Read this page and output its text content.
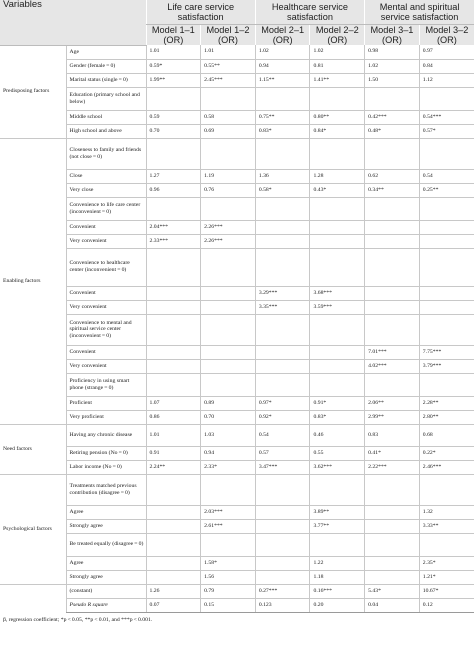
Variables		Life care service satisfaction		Healthcare service satisfaction		Mental and spiritual service satisfaction	
		Model 1–1 (OR)	Model 1–2 (OR)	Model 2–1 (OR)	Model 2–2 (OR)	Model 3–1 (OR)	Model 3–2 (OR)
Predisposing factors	Age	1.01	1.01	1.02	1.02	0.98	0.97
	Gender (female = 0)	0.59*	0.55**	0.94	0.81	1.02	0.84
	Marital status (single = 0)	1.99**	2.45***	1.15**	1.41**	1.50	1.12
	Education (primary school and below)						
	Middle school	0.59	0.58	0.75**	0.80**	0.42***	0.54***
	High school and above	0.70	0.69	0.83*	0.84*	0.48*	0.57*
Enabling factors	Closeness to family and friends (not close = 0)						
	Close	1.27	1.19	1.36	1.28	0.62	0.54
	Very close	0.96	0.76	0.58*	0.43*	0.34**	0.25**
	Convenience to life care center (inconvenient = 0)						
	Convenient	2.04***	2.26***				
	Very convenient	2.33***	2.26***				
	Convenience to healthcare center (inconvenient = 0)						
	Convenient			3.29***	3.68***		
	Very convenient			3.35***	3.59***		
	Convenience to mental and spiritual service center (inconvenient = 0)						
	Convenient					7.01***	7.75***
	Very convenient					4.02***	3.79***
	Proficiency in using smart phone (strange = 0)						
	Proficient	1.07	0.89	0.97*	0.91*	2.06**	2.28**
	Very proficient	0.86	0.70	0.92*	0.83*	2.99**	2.80**
Need factors	Having any chronic disease	1.01	1.03	0.54	0.46	0.83	0.68
	Retiring pension (No = 0)	0.91	0.94	0.57	0.55	0.41*	0.22*
	Labor income (No = 0)	2.24**	2.33*	3.47***	3.62***	2.22***	2.46***
Psychological factors	Treatments matched previous contribution (disagree = 0)						
	Agree		2.03***		3.89**		1.32
	Strongly agree		2.61***		3.77**		3.33**
	Be treated equally (disagree = 0)						
	Agree		1.58*		1.22		2.35*
	Strongly agree		1.56		1.18		1.21*
	(constant)	1.26	0.79	0.27***	0.16***	5.43*	10.67*
	Pseudo R square	0.07	0.15	0.123	0.20	0.04	0.12
β, regression coefficient; *p < 0.05, **p < 0.01, and ***p < 0.001.
